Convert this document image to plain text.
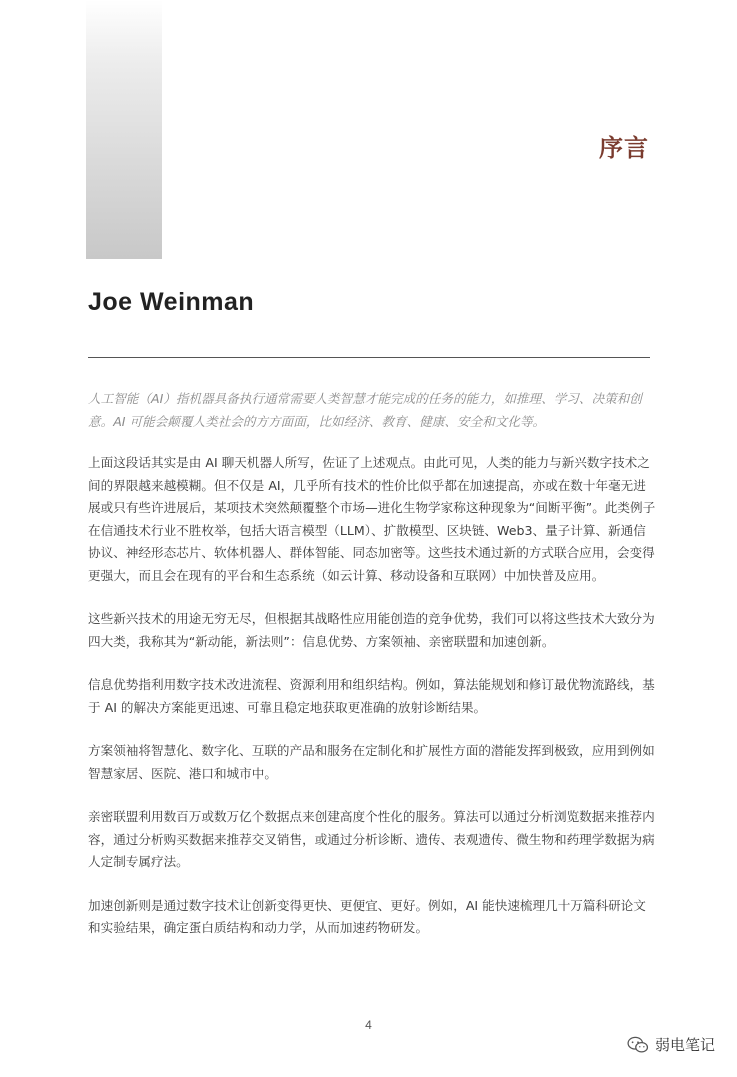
序言
Joe Weinman

人工智能（AI）指机器具备执行通常需要人类智慧才能完成的任务的能力，如推理、学习、决策和创意。AI 可能会颠覆人类社会的方方面面，比如经济、教育、健康、安全和文化等。

上面这段话其实是由 AI 聊天机器人所写，佐证了上述观点。由此可见，人类的能力与新兴数字技术之间的界限越来越模糊。但不仅是 AI，几乎所有技术的性价比似乎都在加速提高，亦或在数十年毫无进展或只有些许进展后，某项技术突然颠覆整个市场—进化生物学家称这种现象为“间断平衡”。此类例子在信通技术行业不胜枚举，包括大语言模型（LLM）、扩散模型、区块链、Web3、量子计算、新通信协议、神经形态芯片、软体机器人、群体智能、同态加密等。这些技术通过新的方式联合应用，会变得更强大，而且会在现有的平台和生态系统（如云计算、移动设备和互联网）中加快普及应用。

这些新兴技术的用途无穷无尽，但根据其战略性应用能创造的竞争优势，我们可以将这些技术大致分为四大类，我称其为“新动能，新法则”：信息优势、方案领袖、亲密联盟和加速创新。

信息优势指利用数字技术改进流程、资源利用和组织结构。例如，算法能规划和修订最优物流路线，基于 AI 的解决方案能更迅速、可靠且稳定地获取更准确的放射诊断结果。

方案领袖将智慧化、数字化、互联的产品和服务在定制化和扩展性方面的潜能发挥到极致，应用到例如智慧家居、医院、港口和城市中。

亲密联盟利用数百万或数万亿个数据点来创建高度个性化的服务。算法可以通过分析浏览数据来推荐内容，通过分析购买数据来推荐交叉销售，或通过分析诊断、遗传、表观遗传、微生物和药理学数据为病人定制专属疗法。

加速创新则是通过数字技术让创新变得更快、更便宜、更好。例如，AI 能快速梳理几十万篇科研论文和实验结果，确定蛋白质结构和动力学，从而加速药物研发。

4
弱电笔记
